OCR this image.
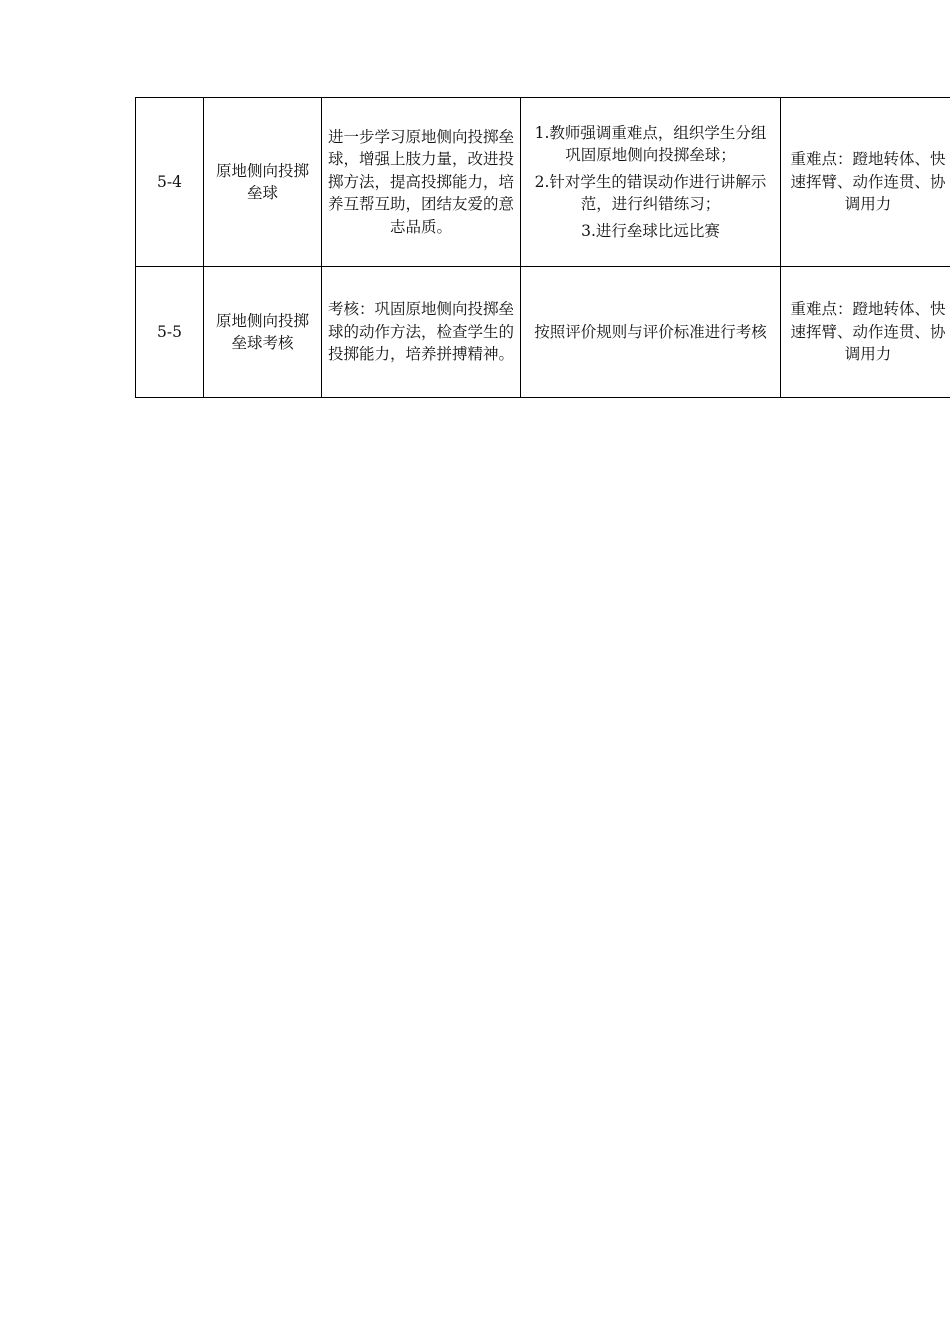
5-4	原地侧向投掷垒球	进一步学习原地侧向投掷垒球，增强上肢力量，改进投掷方法，提高投掷能力，培养互帮互助，团结友爱的意志品质。	1.教师强调重难点，组织学生分组巩固原地侧向投掷垒球；
2.针对学生的错误动作进行讲解示范，进行纠错练习；
3.进行垒球比远比赛	重难点：蹬地转体、快速挥臂、动作连贯、协调用力
5-5	原地侧向投掷垒球考核	考核：巩固原地侧向投掷垒球的动作方法，检查学生的投掷能力，培养拼搏精神。	按照评价规则与评价标准进行考核	重难点：蹬地转体、快速挥臂、动作连贯、协调用力
